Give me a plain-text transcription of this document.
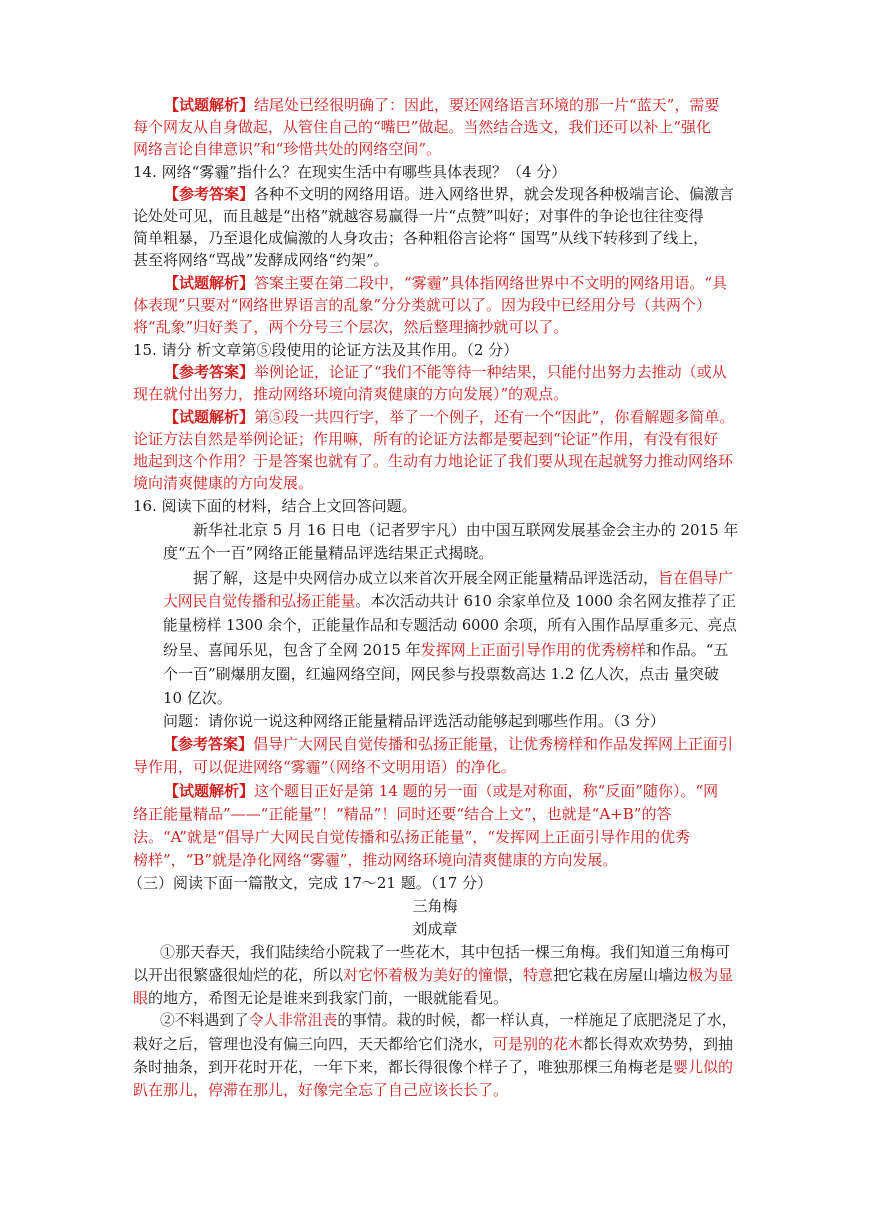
【试题解析】结尾处已经很明确了：因此，要还网络语言环境的那一片“蓝天”，需要
每个网友从自身做起，从管住自己的“嘴巴”做起。当然结合选文，我们还可以补上“强化
网络言论自律意识”和“珍惜共处的网络空间”。
14. 网络“雾霾”指什么？在现实生活中有哪些具体表现？（4 分）
【参考答案】各种不文明的网络用语。进入网络世界，就会发现各种极端言论、偏激言
论处处可见，而且越是“出格”就越容易赢得一片“点赞”叫好；对事件的争论也往往变得
简单粗暴，乃至退化成偏激的人身攻击；各种粗俗言论将“ 国骂”从线下转移到了线上，
甚至将网络“骂战”发酵成网络“约架”。
【试题解析】答案主要在第二段中，“雾霾”具体指网络世界中不文明的网络用语。“具
体表现”只要对“网络世界语言的乱象”分分类就可以了。因为段中已经用分号（共两个）
将“乱象”归好类了，两个分号三个层次，然后整理摘抄就可以了。
15. 请分 析文章第⑤段使用的论证方法及其作用。（2 分）
【参考答案】举例论证，论证了“我们不能等待一种结果，只能付出努力去推动（或从
现在就付出努力，推动网络环境向清爽健康的方向发展）”的观点。
【试题解析】第⑤段一共四行字，举了一个例子，还有一个“因此”，你看解题多简单。
论证方法自然是举例论证；作用嘛，所有的论证方法都是要起到“论证”作用，有没有很好
地起到这个作用？于是答案也就有了。生动有力地论证了我们要从现在起就努力推动网络环
境向清爽健康的方向发展。
16. 阅读下面的材料，结合上文回答问题。
新华社北京 5 月 16 日电（记者罗宇凡）由中国互联网发展基金会主办的 2015 年
度“五个一百”网络正能量精品评选结果正式揭晓。
据了解，这是中央网信办成立以来首次开展全网正能量精品评选活动，旨在倡导广
大网民自觉传播和弘扬正能量。本次活动共计 610 余家单位及 1000 余名网友推荐了正
能量榜样 1300 余个，正能量作品和专题活动 6000 余项，所有入围作品厚重多元、亮点
纷呈、喜闻乐见，包含了全网 2015 年发挥网上正面引导作用的优秀榜样和作品。“五
个一百”刷爆朋友圈，红遍网络空间，网民参与投票数高达 1.2 亿人次，点击 量突破
10 亿次。
问题：请你说一说这种网络正能量精品评选活动能够起到哪些作用。（3 分）
【参考答案】倡导广大网民自觉传播和弘扬正能量，让优秀榜样和作品发挥网上正面引
导作用，可以促进网络“雾霾”（网络不文明用语）的净化。
【试题解析】这个题目正好是第 14 题的另一面（或是对称面，称“反面”随你）。“网
络正能量精品”——“正能量”！“精品”！同时还要“结合上文”，也就是“A+B”的答
法。“A”就是“倡导广大网民自觉传播和弘扬正能量”，“发挥网上正面引导作用的优秀
榜样”，“B”就是净化网络“雾霾”，推动网络环境向清爽健康的方向发展。
（三）阅读下面一篇散文，完成 17～21 题。（17 分）
三角梅
刘成章
①那天春天，我们陆续给小院栽了一些花木，其中包括一棵三角梅。我们知道三角梅可
以开出很繁盛很灿烂的花，所以对它怀着极为美好的憧憬，特意把它栽在房屋山墙边极为显
眼的地方，希图无论是谁来到我家门前，一眼就能看见。
②不料遇到了令人非常沮丧的事情。栽的时候，都一样认真，一样施足了底肥浇足了水，
栽好之后，管理也没有偏三向四，天天都给它们浇水，可是别的花木都长得欢欢势势，到抽
条时抽条，到开花时开花，一年下来，都长得很像个样子了，唯独那棵三角梅老是婴儿似的
趴在那儿，停滞在那儿，好像完全忘了自己应该长长了。
